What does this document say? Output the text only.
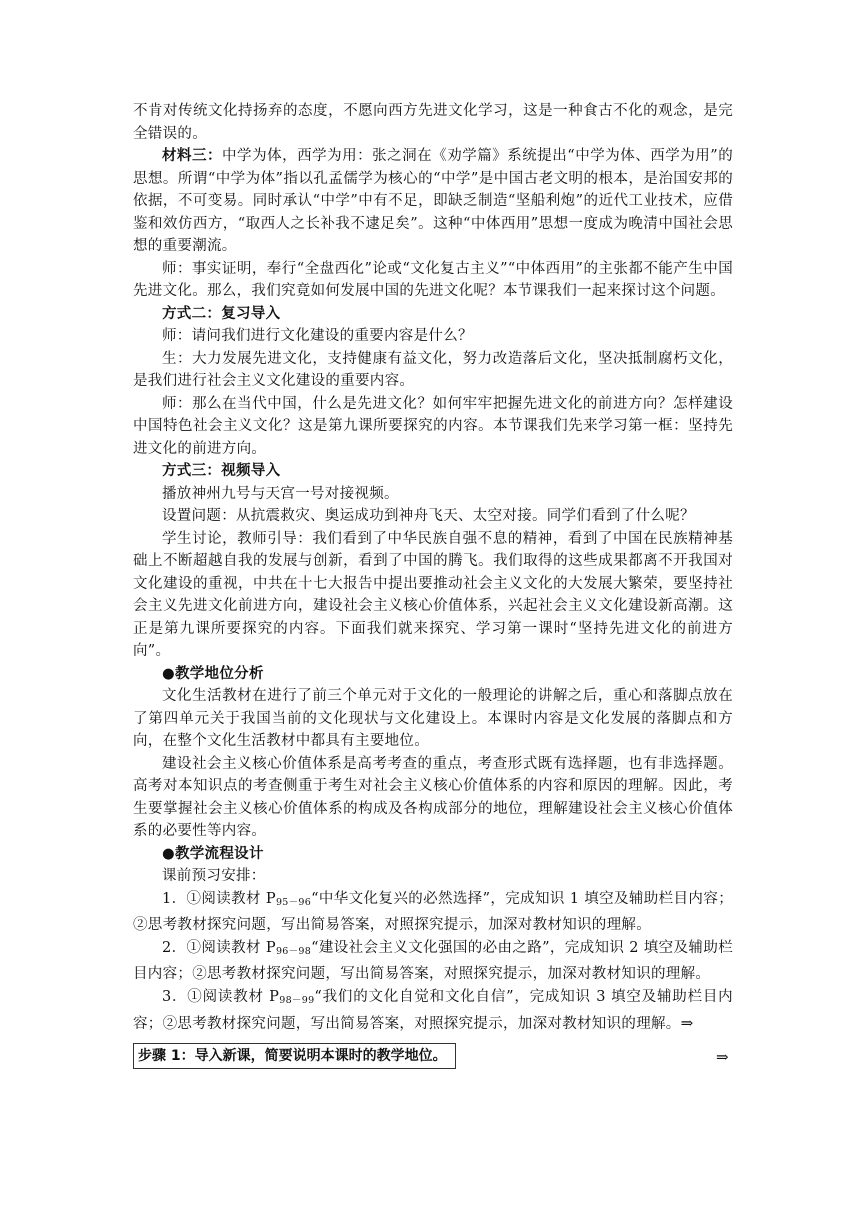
不肯对传统文化持扬弃的态度，不愿向西方先进文化学习，这是一种食古不化的观念，是完全错误的。

材料三：中学为体，西学为用：张之洞在《劝学篇》系统提出“中学为体、西学为用”的思想。所谓“中学为体”指以孔孟儒学为核心的“中学”是中国古老文明的根本，是治国安邦的依据，不可变易。同时承认“中学”中有不足，即缺乏制造“坚船利炮”的近代工业技术，应借鉴和效仿西方，“取西人之长补我不逮足矣”。这种“中体西用”思想一度成为晚清中国社会思想的重要潮流。

师：事实证明，奉行“全盘西化”论或“文化复古主义”“中体西用”的主张都不能产生中国先进文化。那么，我们究竟如何发展中国的先进文化呢？本节课我们一起来探讨这个问题。

方式二：复习导入

师：请问我们进行文化建设的重要内容是什么？

生：大力发展先进文化，支持健康有益文化，努力改造落后文化，坚决抵制腐朽文化，是我们进行社会主义文化建设的重要内容。

师：那么在当代中国，什么是先进文化？如何牢牢把握先进文化的前进方向？怎样建设中国特色社会主义文化？这是第九课所要探究的内容。本节课我们先来学习第一框：坚持先进文化的前进方向。

方式三：视频导入

播放神州九号与天宫一号对接视频。

设置问题：从抗震救灾、奥运成功到神舟飞天、太空对接。同学们看到了什么呢？

学生讨论，教师引导：我们看到了中华民族自强不息的精神，看到了中国在民族精神基础上不断超越自我的发展与创新，看到了中国的腾飞。我们取得的这些成果都离不开我国对文化建设的重视，中共在十七大报告中提出要推动社会主义文化的大发展大繁荣，要坚持社会主义先进文化前进方向，建设社会主义核心价值体系，兴起社会主义文化建设新高潮。这正是第九课所要探究的内容。下面我们就来探究、学习第一课时“坚持先进文化的前进方向”。

●教学地位分析

文化生活教材在进行了前三个单元对于文化的一般理论的讲解之后，重心和落脚点放在了第四单元关于我国当前的文化现状与文化建设上。本课时内容是文化发展的落脚点和方向，在整个文化生活教材中都具有主要地位。

建设社会主义核心价值体系是高考考查的重点，考查形式既有选择题，也有非选择题。高考对本知识点的考查侧重于考生对社会主义核心价值体系的内容和原因的理解。因此，考生要掌握社会主义核心价值体系的构成及各构成部分的地位，理解建设社会主义核心价值体系的必要性等内容。

●教学流程设计

课前预习安排：

1．①阅读教材 $P_{95-96}“$中华文化复兴的必然选择”，完成知识 1 填空及辅助栏目内容；②思考教材探究问题，写出简易答案，对照探究提示，加深对教材知识的理解。

2．①阅读教材 $P_{96-98}“$建设社会主义文化强国的必由之路”，完成知识 2 填空及辅助栏目内容；②思考教材探究问题，写出简易答案，对照探究提示，加深对教材知识的理解。

3．①阅读教材 $P_{98-99}“$我们的文化自觉和文化自信”，完成知识 3 填空及辅助栏目内容；②思考教材探究问题，写出简易答案，对照探究提示，加深对教材知识的理解。⇒

步骤 1：导入新课，简要说明本课时的教学地位。	⇒
